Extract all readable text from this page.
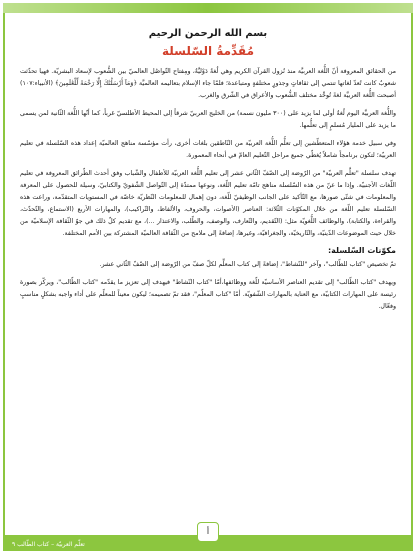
بسم الله الرحمن الرحيم
مُقَدِّمةُ السّلسلة

من الحقائق المعروفة أنّ اللُّغة العربيَّة منذ نُزول القرآن الكريم وهي لُغةٌ دَوْليَّةٌ، ومِفتاح التّواصُل العالميّ بين الشُّعوب لإسعاد البشريّة. فهيا تحدّثت شعوبٌ كانت تُعدّ لغاتها تنتمي إلى ثقافاتٍ وجذورٍ مختلفةٍ ومتباعدة؛ فلمّا جاء الإسلام بتعاليمه العالميَّة ﴿وَمَآ أَرْسَلْنَٰكَ إِلَّا رَحْمَةً لِّلْعَٰلَمِينَ﴾ (الأنبياء:١٠٧) أصبحت اللُّغة العربيَّة لغةً تُوحِّد مختلف الشُّعوب والأعراق في الشّرق والغرب.

واللُّغة العربيَّة اليوم لُغةٌ أولى لما يزيد على (٣٠٠ مليون نسمة) من الخليج العربيّ شرقاً إلى المحيط الأطلسيّ غرباً، كما أنّها اللُّغة الثّانية لمن يسمى ما يزيد على المليار مُسلمٍ إلى تعلُّمها.

وفي سبيل خدمة هؤلاء المتعطّشين إلى تعلُّم اللُّغة العربيّة من النّاطقين بلغات أخرى، رأت مؤسّسة مناهج العالميّة إعداد هذه السّلسلة في تعليم العربيّة؛ لتكون برنامجاً شاملاً يُغطّي جميع مراحل التّعليم العامّ في أنحاء المعمورة.

تهدف سلسلة "تعلَّم العربيّة" من الرّوضة إلى الصّفّ الثّاني عشر إلى تعليم اللُّغة العربيّة للأطفال والشّباب وفق أحدث الطّرائق المعروفة في تعليم اللّغات الأجنبيّة. وإذا ما عنّ من هذه السّلسلة مناهج تامّة تعليم اللّغة، ونوعها ممتدّة إلى التّواصل الشّفويّ والكتابيّ، وسيلة للحصول على المعرفة والمعلومات في شتّى صورها، مع التّأكيد على الجانب الوظيفيّ للّغة، دون إهمال للمعلومات النّظريّة خاصّة في المستويات المتقدّمة، وراعت هذه السّلسلة تعليم اللّغة من خلال المكوّنات الثّلاثة: العناصر (الأصوات، والحروف، والألفاظ، والتّراكيب)، والمهارات الأربع (الاستماع، والتّحدّث، والقراءة، والكتابة)، والوظائف اللُّغويّة مثل: (التّقديم، والتّعارف، والوصف، والطّلب، والاعتذار ...)، مع تقديم كلّ ذلك في جوّ الثّقافة الإسلاميّة من خلال حيث الموضوعات الدّينيّة، والتّاريخيّة، والجغرافيّة، وغيرها، إضافةً إلى ملامح من الثّقافة العالميّة المشتركة بين الأمم المختلفة.

مكوّنات السّلسلة:

تمّ تخصيص "كتاب للطّالب"، وآخر "للنّشاط"، إضافةً إلى كتاب المعلِّم لكلّ صفّ من الرّوضة إلى الصّفّ الثّاني عشر.

ويهدف "كتاب الطّالب" إلى تقديم العناصر الأساسيّة للّغة ووظائفها،أمّا "كتاب النّشاط" فيهدف إلى تعزيز ما يقدّمه "كتاب الطّالب"، ويركّز بصورة رئيسة على المهارات الكتابيّة، مع العناية بالمهارات الشّفويّة. أمّا "كتاب المعلّم"، فقد تمّ تصميمه؛ ليكون معيناً للمعلّم على أداء واجبه بشكلٍ مناسبٍ وفعّال.

تعلّم العربيّة – كتاب الطّالب ٩
أ
